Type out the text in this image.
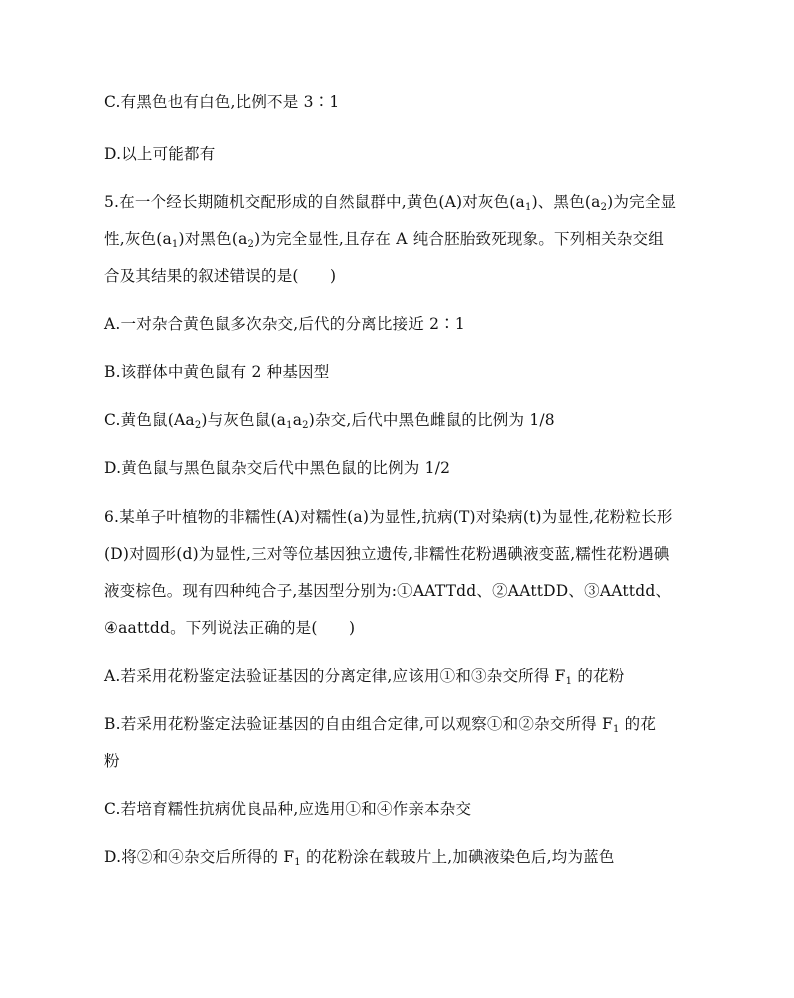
C.有黑色也有白色,比例不是 3∶1
D.以上可能都有
5.在一个经长期随机交配形成的自然鼠群中,黄色(A)对灰色$(a_1)$、黑色$(a_2)$为完全显
性,灰色$(a_1)$对黑色$(a_2)$为完全显性,且存在 A 纯合胚胎致死现象。下列相关杂交组
合及其结果的叙述错误的是(　　)
A.一对杂合黄色鼠多次杂交,后代的分离比接近 2∶1
B.该群体中黄色鼠有 2 种基因型
C.黄色鼠$(Aa_2)$与灰色鼠$(a_1a_2)$杂交,后代中黑色雌鼠的比例为 1/8
D.黄色鼠与黑色鼠杂交后代中黑色鼠的比例为 1/2
6.某单子叶植物的非糯性(A)对糯性(a)为显性,抗病(T)对染病(t)为显性,花粉粒长形
(D)对圆形(d)为显性,三对等位基因独立遗传,非糯性花粉遇碘液变蓝,糯性花粉遇碘
液变棕色。现有四种纯合子,基因型分别为:①AATTdd、②AAttDD、③AAttdd、
④aattdd。下列说法正确的是(　　)
A.若采用花粉鉴定法验证基因的分离定律,应该用①和③杂交所得 $F_1$ 的花粉
B.若采用花粉鉴定法验证基因的自由组合定律,可以观察①和②杂交所得 $F_1$ 的花
粉
C.若培育糯性抗病优良品种,应选用①和④作亲本杂交
D.将②和④杂交后所得的 $F_1$ 的花粉涂在载玻片上,加碘液染色后,均为蓝色
